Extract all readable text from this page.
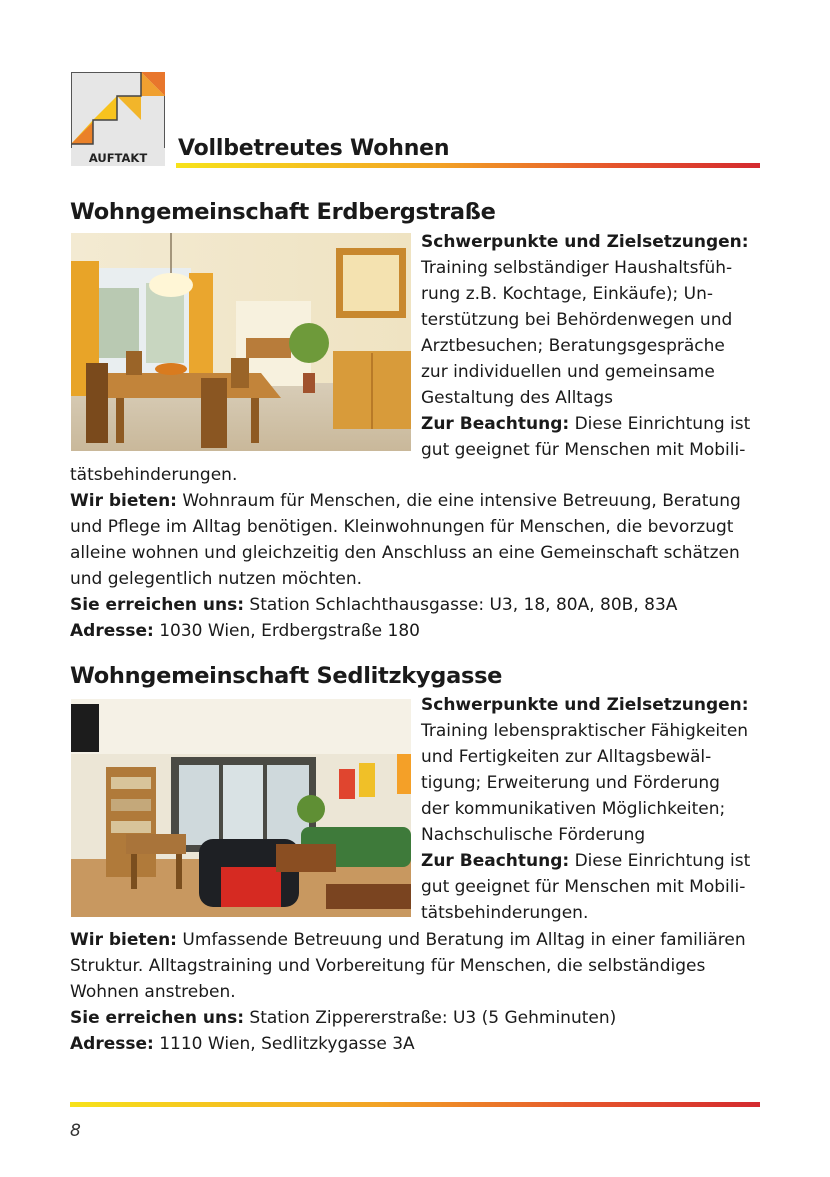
AUFTAKT Vollbetreutes Wohnen
Wohngemeinschaft Erdbergstraße
Schwerpunkte und Zielsetzungen:
Training selbständiger Haushaltsfüh-
rung z.B. Kochtage, Einkäufe); Un-
terstützung bei Behördenwegen und
Arztbesuchen; Beratungsgespräche
zur individuellen und gemeinsame
Gestaltung des Alltags
Zur Beachtung: Diese Einrichtung ist
gut geeignet für Menschen mit Mobili-
tätsbehinderungen.
Wir bieten: Wohnraum für Menschen, die eine intensive Betreuung, Beratung
und Pflege im Alltag benötigen. Kleinwohnungen für Menschen, die bevorzugt
alleine wohnen und gleichzeitig den Anschluss an eine Gemeinschaft schätzen
und gelegentlich nutzen möchten.
Sie erreichen uns: Station Schlachthausgasse: U3, 18, 80A, 80B, 83A
Adresse: 1030 Wien, Erdbergstraße 180
Wohngemeinschaft Sedlitzkygasse
Schwerpunkte und Zielsetzungen:
Training lebenspraktischer Fähigkeiten
und Fertigkeiten zur Alltagsbewäl-
tigung; Erweiterung und Förderung
der kommunikativen Möglichkeiten;
Nachschulische Förderung
Zur Beachtung: Diese Einrichtung ist
gut geeignet für Menschen mit Mobili-
tätsbehinderungen.
Wir bieten: Umfassende Betreuung und Beratung im Alltag in einer familiären
Struktur. Alltagstraining und Vorbereitung für Menschen, die selbständiges
Wohnen anstreben.
Sie erreichen uns: Station Zippererstraße: U3 (5 Gehminuten)
Adresse: 1110 Wien, Sedlitzkygasse 3A
8
